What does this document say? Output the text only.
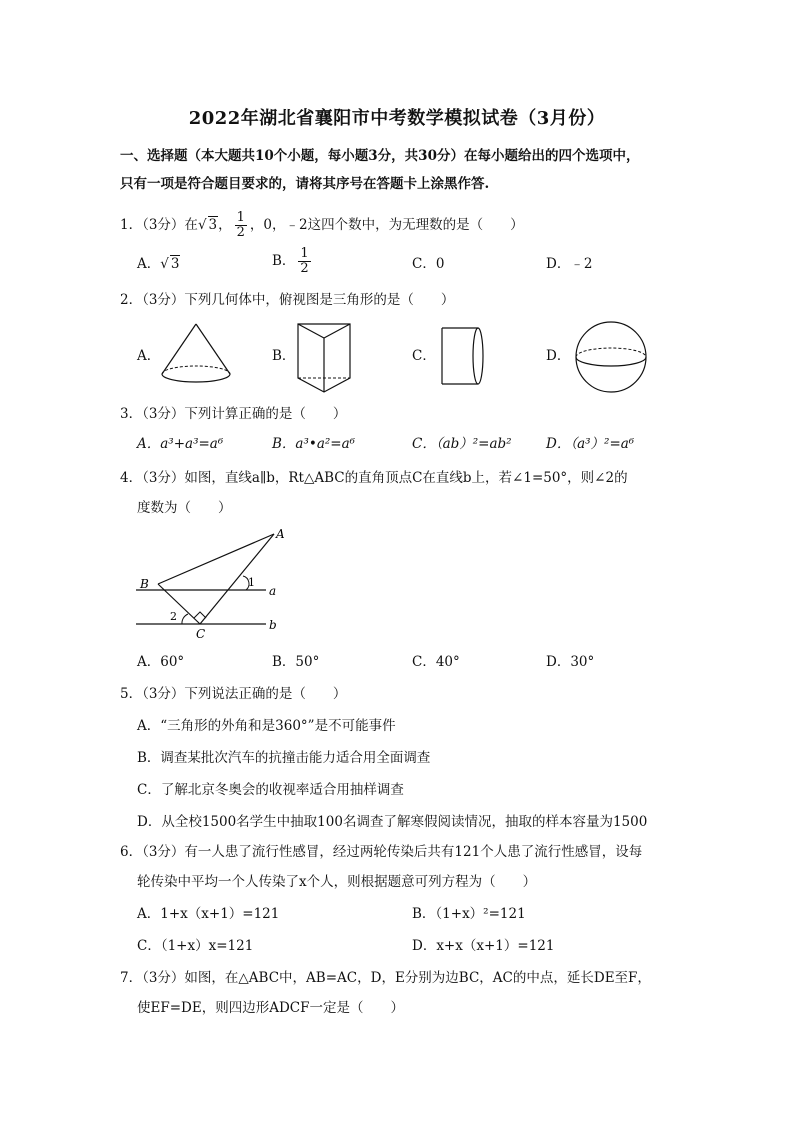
2022年湖北省襄阳市中考数学模拟试卷（3月份）
一、选择题（本大题共10个小题，每小题3分，共30分）在每小题给出的四个选项中，
只有一项是符合题目要求的，请将其序号在答题卡上涂黑作答.
1．（3分）在√ 3， $\frac{1}{2}$ ，0，﹣2这四个数中，为无理数的是（　　）
A．√ 3	B． $\frac{1}{2}$	C．0	D．﹣2
2．（3分）下列几何体中，俯视图是三角形的是（　　）
A．	B．	C．	D．
3．（3分）下列计算正确的是（　　）
A．a³+a³=a⁶	B．a³•a²=a⁶	C．（ab）²=ab²	D．（a³）²=a⁶
4．（3分）如图，直线a∥b，Rt△ABC的直角顶点C在直线b上，若∠1=50°，则∠2的
度数为（　　）
A
B
C
a
b
1
2
A．60°	B．50°	C．40°	D．30°
5．（3分）下列说法正确的是（　　）
A．“三角形的外角和是360°”是不可能事件
B．调查某批次汽车的抗撞击能力适合用全面调查
C．了解北京冬奥会的收视率适合用抽样调查
D．从全校1500名学生中抽取100名调查了解寒假阅读情况，抽取的样本容量为1500
6．（3分）有一人患了流行性感冒，经过两轮传染后共有121个人患了流行性感冒，设每
轮传染中平均一个人传染了x个人，则根据题意可列方程为（　　）
A．1+x（x+1）=121	B．（1+x）²=121
C．（1+x）x=121	D．x+x（x+1）=121
7．（3分）如图，在△ABC中，AB=AC，D，E分别为边BC，AC的中点，延长DE至F，
使EF=DE，则四边形ADCF一定是（　　）
